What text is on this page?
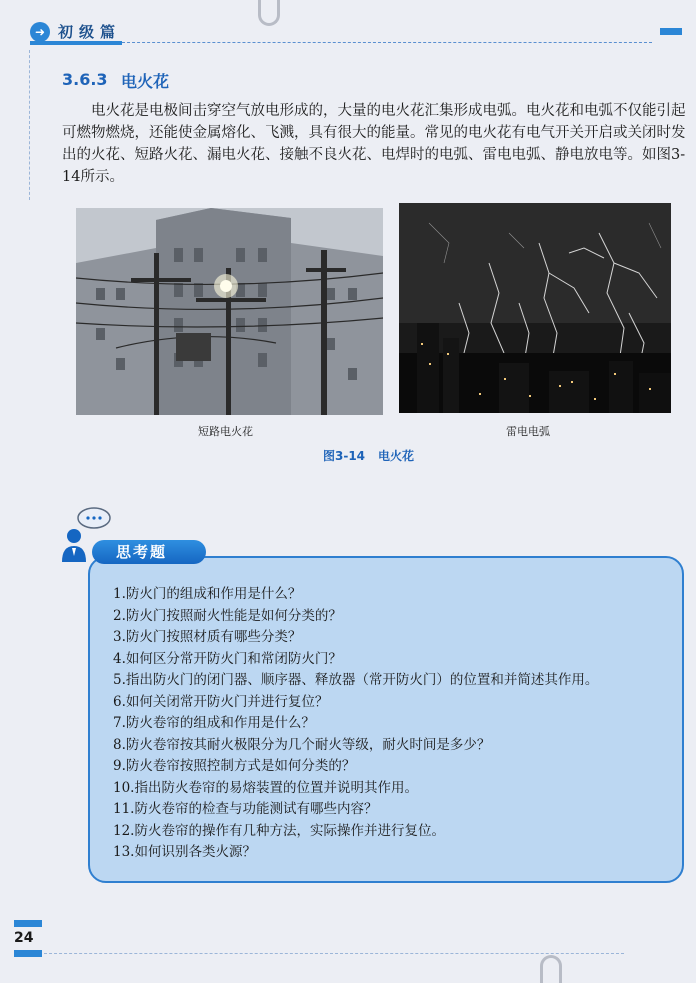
➜ 初级篇
3.6.3 电火花

电火花是电极间击穿空气放电形成的，大量的电火花汇集形成电弧。电火花和电弧不仅能引起可燃物燃烧，还能使金属熔化、飞溅，具有很大的能量。常见的电火花有电气开关开启或关闭时发出的火花、短路火花、漏电火花、接触不良火花、电焊时的电弧、雷电电弧、静电放电等。如图3-14所示。

短路电火花	雷电电弧
图3-14 电火花
思考题
1.防火门的组成和作用是什么？
2.防火门按照耐火性能是如何分类的？
3.防火门按照材质有哪些分类？
4.如何区分常开防火门和常闭防火门？
5.指出防火门的闭门器、顺序器、释放器（常开防火门）的位置和并简述其作用。
6.如何关闭常开防火门并进行复位？
7.防火卷帘的组成和作用是什么？
8.防火卷帘按其耐火极限分为几个耐火等级，耐火时间是多少？
9.防火卷帘按照控制方式是如何分类的？
10.指出防火卷帘的易熔装置的位置并说明其作用。
11.防火卷帘的检查与功能测试有哪些内容？
12.防火卷帘的操作有几种方法，实际操作并进行复位。
13.如何识别各类火源？
24
